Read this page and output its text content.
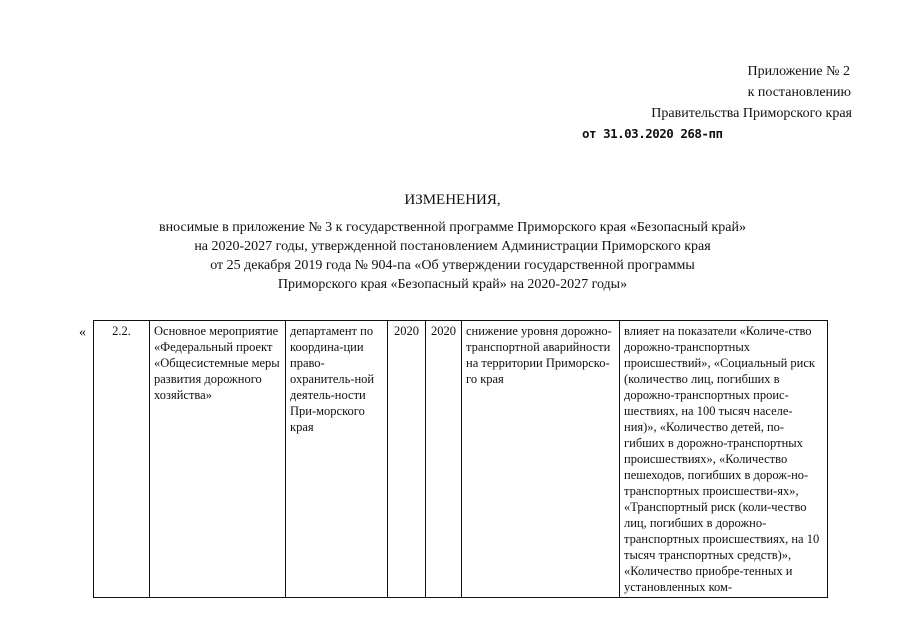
Приложение № 2
к постановлению
Правительства Приморского края
от 31.03.2020 268-пп
ИЗМЕНЕНИЯ,
вносимые в приложение № 3 к государственной программе Приморского края «Безопасный край»
на 2020-2027 годы, утвержденной постановлением Администрации Приморского края
от 25 декабря 2019 года № 904-па «Об утверждении государственной программы
Приморского края «Безопасный край» на 2020-2027 годы»
« 2.2.	Основное мероприятие «Федеральный проект «Общесистемные меры развития дорожного хозяйства»	департамент по координа-ции право-охранитель-ной деятель-ности При-морского края	2020	2020	снижение уровня дорожно-транспортной аварийности на территории Приморско-го края	влияет на показатели «Количе-ство дорожно-транспортных происшествий», «Социальный риск (количество лиц, погибших в дорожно-транспортных проис-шествиях, на 100 тысяч населе-ния)», «Количество детей, по-гибших в дорожно-транспортных происшествиях», «Количество пешеходов, погибших в дорож-но-транспортных происшестви-ях», «Транспортный риск (коли-чество лиц, погибших в дорожно-транспортных происшествиях, на 10 тысяч транспортных средств)», «Количество приобре-тенных и установленных ком-
